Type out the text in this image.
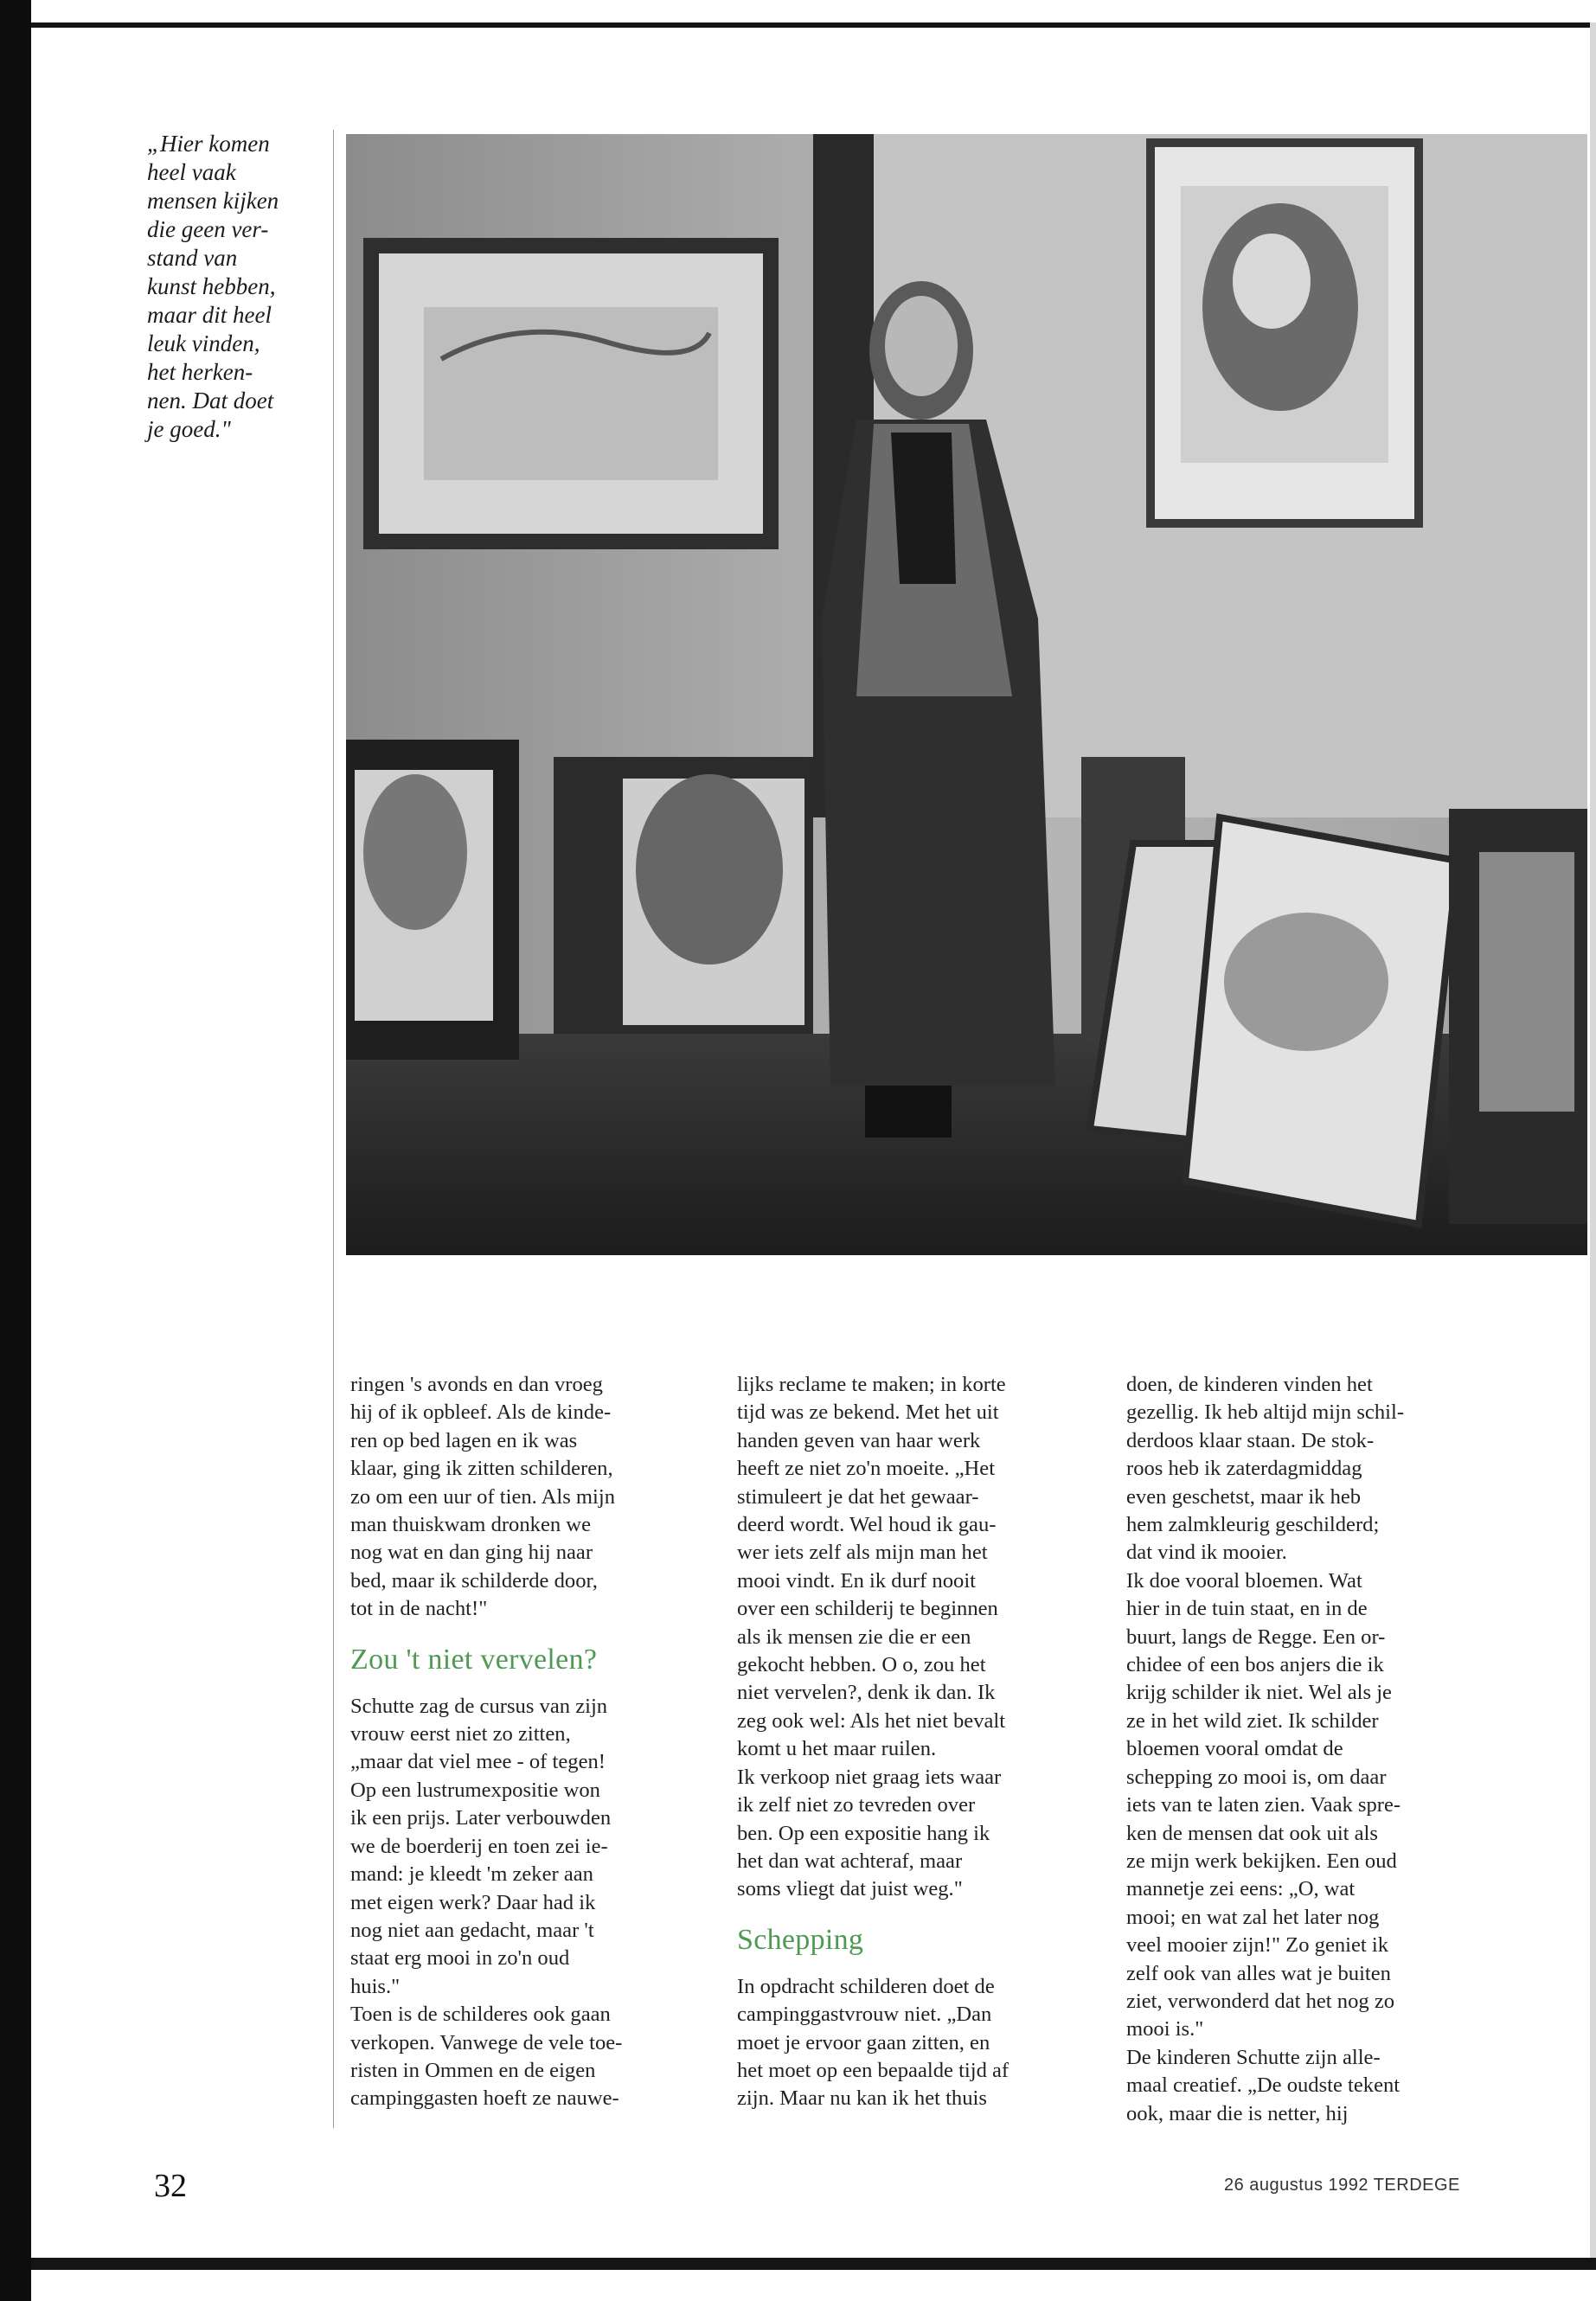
„Hier komen
heel vaak
mensen kijken
die geen ver-
stand van
kunst hebben,
maar dit heel
leuk vinden,
het herken-
nen. Dat doet
je goed."
ringen 's avonds en dan vroeg
hij of ik opbleef. Als de kinde-
ren op bed lagen en ik was
klaar, ging ik zitten schilderen,
zo om een uur of tien. Als mijn
man thuiskwam dronken we
nog wat en dan ging hij naar
bed, maar ik schilderde door,
tot in de nacht!"
Zou 't niet vervelen?
Schutte zag de cursus van zijn
vrouw eerst niet zo zitten,
„maar dat viel mee - of tegen!
Op een lustrumexpositie won
ik een prijs. Later verbouwden
we de boerderij en toen zei ie-
mand: je kleedt 'm zeker aan
met eigen werk? Daar had ik
nog niet aan gedacht, maar 't
staat erg mooi in zo'n oud
huis."
Toen is de schilderes ook gaan
verkopen. Vanwege de vele toe-
risten in Ommen en de eigen
campinggasten hoeft ze nauwe-
lijks reclame te maken; in korte
tijd was ze bekend. Met het uit
handen geven van haar werk
heeft ze niet zo'n moeite. „Het
stimuleert je dat het gewaar-
deerd wordt. Wel houd ik gau-
wer iets zelf als mijn man het
mooi vindt. En ik durf nooit
over een schilderij te beginnen
als ik mensen zie die er een
gekocht hebben. O o, zou het
niet vervelen?, denk ik dan. Ik
zeg ook wel: Als het niet bevalt
komt u het maar ruilen.
Ik verkoop niet graag iets waar
ik zelf niet zo tevreden over
ben. Op een expositie hang ik
het dan wat achteraf, maar
soms vliegt dat juist weg."
Schepping
In opdracht schilderen doet de
campinggastvrouw niet. „Dan
moet je ervoor gaan zitten, en
het moet op een bepaalde tijd af
zijn. Maar nu kan ik het thuis
doen, de kinderen vinden het
gezellig. Ik heb altijd mijn schil-
derdoos klaar staan. De stok-
roos heb ik zaterdagmiddag
even geschetst, maar ik heb
hem zalmkleurig geschilderd;
dat vind ik mooier.
Ik doe vooral bloemen. Wat
hier in de tuin staat, en in de
buurt, langs de Regge. Een or-
chidee of een bos anjers die ik
krijg schilder ik niet. Wel als je
ze in het wild ziet. Ik schilder
bloemen vooral omdat de
schepping zo mooi is, om daar
iets van te laten zien. Vaak spre-
ken de mensen dat ook uit als
ze mijn werk bekijken. Een oud
mannetje zei eens: „O, wat
mooi; en wat zal het later nog
veel mooier zijn!" Zo geniet ik
zelf ook van alles wat je buiten
ziet, verwonderd dat het nog zo
mooi is."
De kinderen Schutte zijn alle-
maal creatief. „De oudste tekent
ook, maar die is netter, hij
32	26 augustus 1992 TERDEGE
